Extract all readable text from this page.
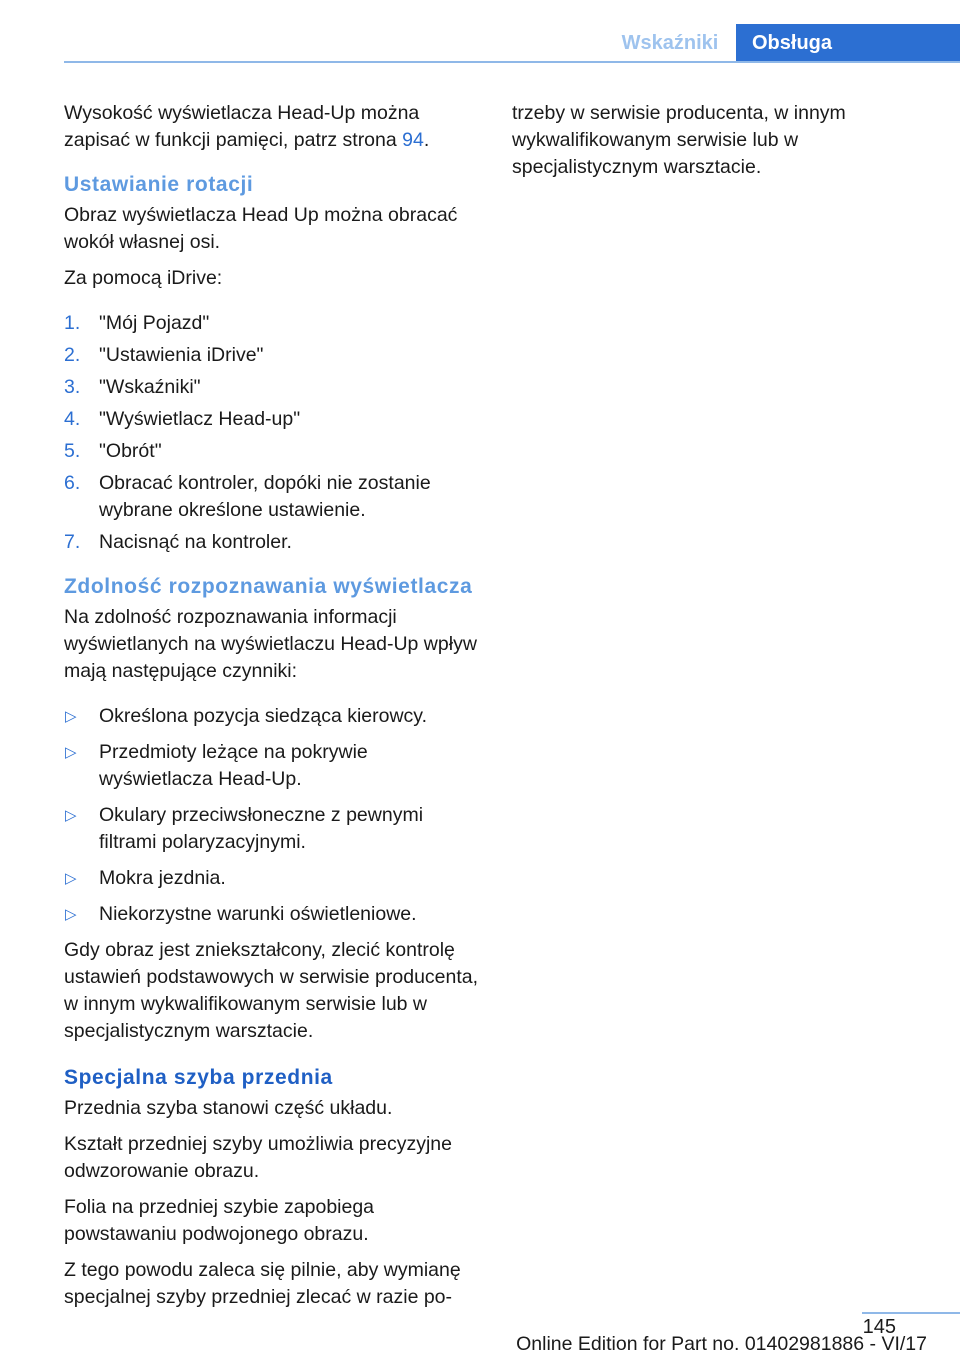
Wskaźniki	Obsługa

Wysokość wyświetlacza Head-Up można zapisać w funkcji pamięci, patrz strona 94.

Ustawianie rotacji

Obraz wyświetlacza Head Up można obracać wokół własnej osi.

Za pomocą iDrive:

1. "Mój Pojazd"
2. "Ustawienia iDrive"
3. "Wskaźniki"
4. "Wyświetlacz Head-up"
5. "Obrót"
6. Obracać kontroler, dopóki nie zostanie wybrane określone ustawienie.
7. Nacisnąć na kontroler.
Zdolność rozpoznawania wyświetlacza

Na zdolność rozpoznawania informacji wyświetlanych na wyświetlaczu Head-Up wpływ mają następujące czynniki:

▷ Określona pozycja siedząca kierowcy.
▷ Przedmioty leżące na pokrywie wyświetlacza Head-Up.
▷ Okulary przeciwsłoneczne z pewnymi filtrami polaryzacyjnymi.
▷ Mokra jezdnia.
▷ Niekorzystne warunki oświetleniowe.

Gdy obraz jest zniekształcony, zlecić kontrolę ustawień podstawowych w serwisie producenta, w innym wykwalifikowanym serwisie lub w specjalistycznym warsztacie.

Specjalna szyba przednia

Przednia szyba stanowi część układu.

Kształt przedniej szyby umożliwia precyzyjne odwzorowanie obrazu.

Folia na przedniej szybie zapobiega powstawaniu podwojonego obrazu.

Z tego powodu zaleca się pilnie, aby wymianę specjalnej szyby przedniej zlecać w razie po-

trzeby w serwisie producenta, w innym wykwalifikowanym serwisie lub w specjalistycznym warsztacie.

145
Online Edition for Part no. 01402981886 - VI/17
